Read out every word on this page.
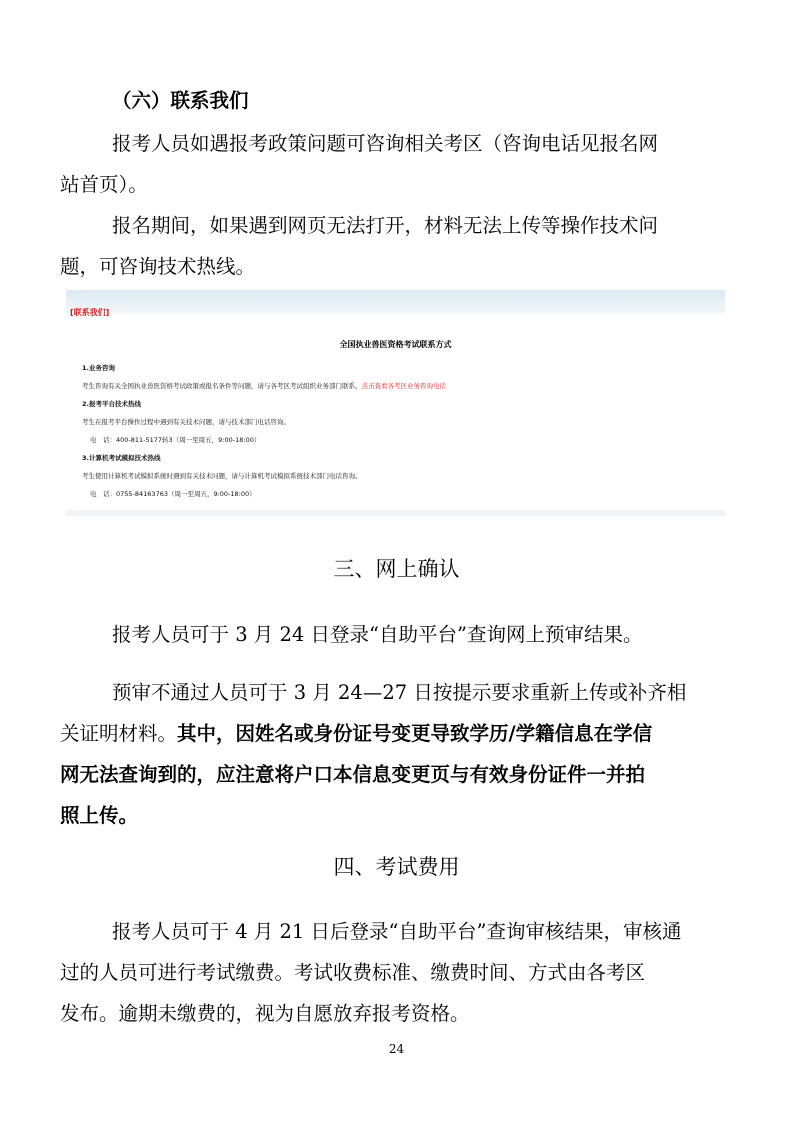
（六）联系我们
报考人员如遇报考政策问题可咨询相关考区（咨询电话见报名网
站首页）。
报名期间，如果遇到网页无法打开，材料无法上传等操作技术问
题，可咨询技术热线。
[联系我们]
全国执业兽医资格考试联系方式
1.业务咨询
考生咨询有关全国执业兽医资格考试政策或报名条件等问题，请与各考区考试组织业务部门联系。点击查看各考区业务咨询电话
2.报考平台技术热线
考生在报考平台操作过程中遇到有关技术问题，请与技术部门电话咨询。
电　话：400-811-5177转3（周一至周五，9:00-18:00）
3.计算机考试模拟技术热线
考生使用计算机考试模拟系统时遇到有关技术问题，请与计算机考试模拟系统技术部门电话咨询。
电　话：0755-84163763（周一至周五，9:00-18:00）
三、网上确认
报考人员可于 3 月 24 日登录“自助平台”查询网上预审结果。
预审不通过人员可于 3 月 24—27 日按提示要求重新上传或补齐相
关证明材料。其中，因姓名或身份证号变更导致学历/学籍信息在学信
网无法查询到的，应注意将户口本信息变更页与有效身份证件一并拍
照上传。
四、考试费用
报考人员可于 4 月 21 日后登录“自助平台”查询审核结果，审核通
过的人员可进行考试缴费。考试收费标准、缴费时间、方式由各考区
发布。逾期未缴费的，视为自愿放弃报考资格。
24
